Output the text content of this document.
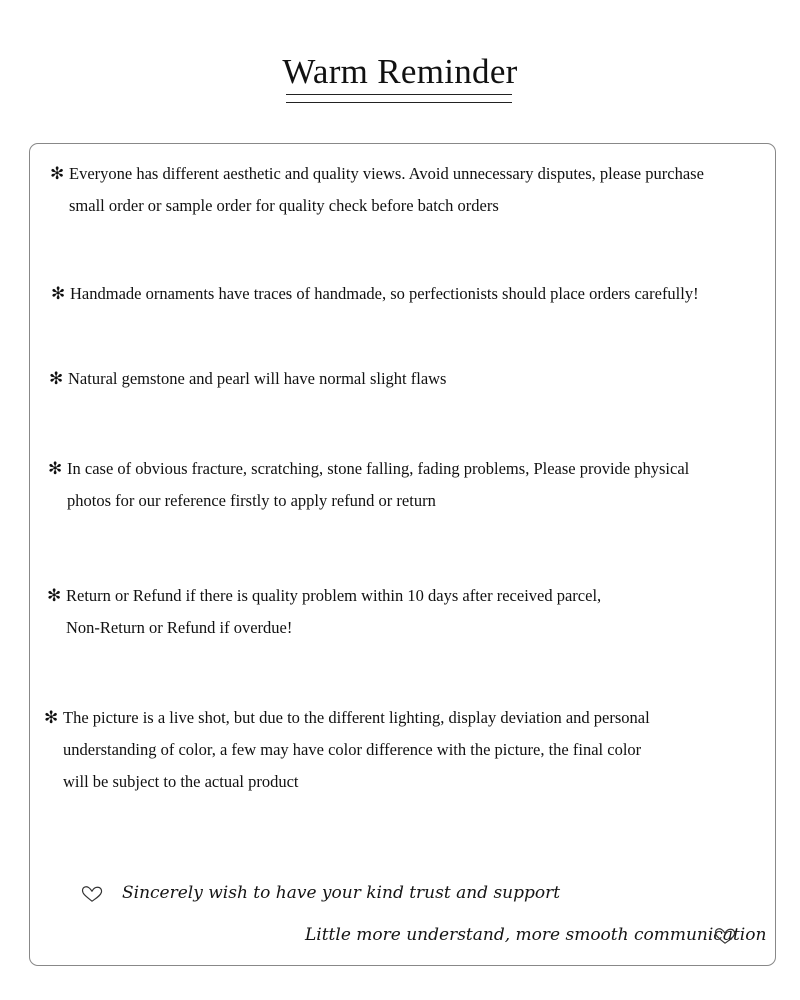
Warm Reminder
✻ Everyone has different aesthetic and quality views. Avoid unnecessary disputes, please purchase
small order or sample order for quality check before batch orders
✻ Handmade ornaments have traces of handmade, so perfectionists should place orders carefully!
✻ Natural gemstone and pearl will have normal slight flaws
✻ In case of obvious fracture, scratching, stone falling, fading problems, Please provide physical
photos for our reference firstly to apply refund or return
✻ Return or Refund if there is quality problem within 10 days after received parcel,
Non-Return or Refund if overdue!
✻ The picture is a live shot, but due to the different lighting, display deviation and personal
understanding of color, a few may have color difference with the picture, the final color
will be subject to the actual product
Sincerely wish to have your kind trust and support
Little more understand, more smooth communication
